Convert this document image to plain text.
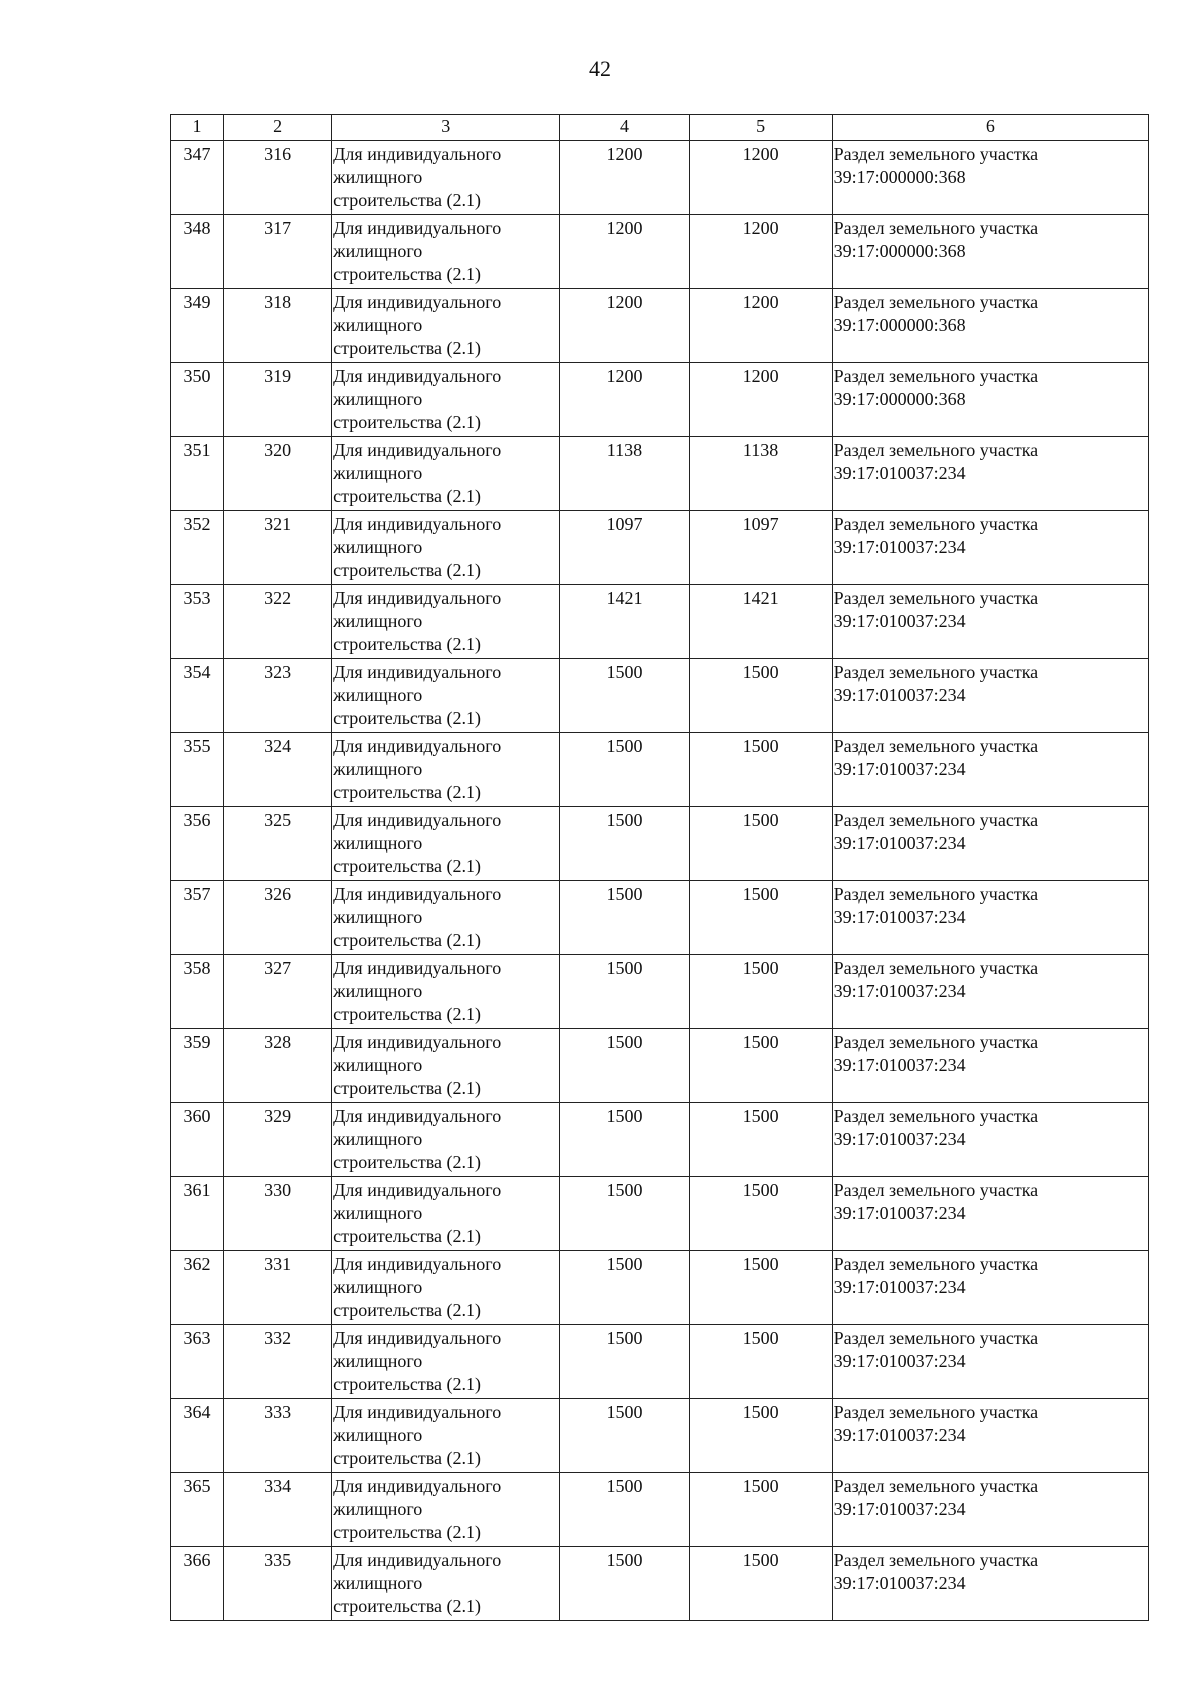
42
1	2	3	4	5	6
347	316	Для индивидуального
жилищного
строительства (2.1)	1200	1200	Раздел земельного участка
39:17:000000:368

348	317	Для индивидуального
жилищного
строительства (2.1)	1200	1200	Раздел земельного участка
39:17:000000:368

349	318	Для индивидуального
жилищного
строительства (2.1)	1200	1200	Раздел земельного участка
39:17:000000:368

350	319	Для индивидуального
жилищного
строительства (2.1)	1200	1200	Раздел земельного участка
39:17:000000:368

351	320	Для индивидуального
жилищного
строительства (2.1)	1138	1138	Раздел земельного участка
39:17:010037:234

352	321	Для индивидуального
жилищного
строительства (2.1)	1097	1097	Раздел земельного участка
39:17:010037:234

353	322	Для индивидуального
жилищного
строительства (2.1)	1421	1421	Раздел земельного участка
39:17:010037:234

354	323	Для индивидуального
жилищного
строительства (2.1)	1500	1500	Раздел земельного участка
39:17:010037:234

355	324	Для индивидуального
жилищного
строительства (2.1)	1500	1500	Раздел земельного участка
39:17:010037:234

356	325	Для индивидуального
жилищного
строительства (2.1)	1500	1500	Раздел земельного участка
39:17:010037:234

357	326	Для индивидуального
жилищного
строительства (2.1)	1500	1500	Раздел земельного участка
39:17:010037:234

358	327	Для индивидуального
жилищного
строительства (2.1)	1500	1500	Раздел земельного участка
39:17:010037:234

359	328	Для индивидуального
жилищного
строительства (2.1)	1500	1500	Раздел земельного участка
39:17:010037:234

360	329	Для индивидуального
жилищного
строительства (2.1)	1500	1500	Раздел земельного участка
39:17:010037:234

361	330	Для индивидуального
жилищного
строительства (2.1)	1500	1500	Раздел земельного участка
39:17:010037:234

362	331	Для индивидуального
жилищного
строительства (2.1)	1500	1500	Раздел земельного участка
39:17:010037:234

363	332	Для индивидуального
жилищного
строительства (2.1)	1500	1500	Раздел земельного участка
39:17:010037:234

364	333	Для индивидуального
жилищного
строительства (2.1)	1500	1500	Раздел земельного участка
39:17:010037:234

365	334	Для индивидуального
жилищного
строительства (2.1)	1500	1500	Раздел земельного участка
39:17:010037:234

366	335	Для индивидуального
жилищного
строительства (2.1)	1500	1500	Раздел земельного участка
39:17:010037:234
